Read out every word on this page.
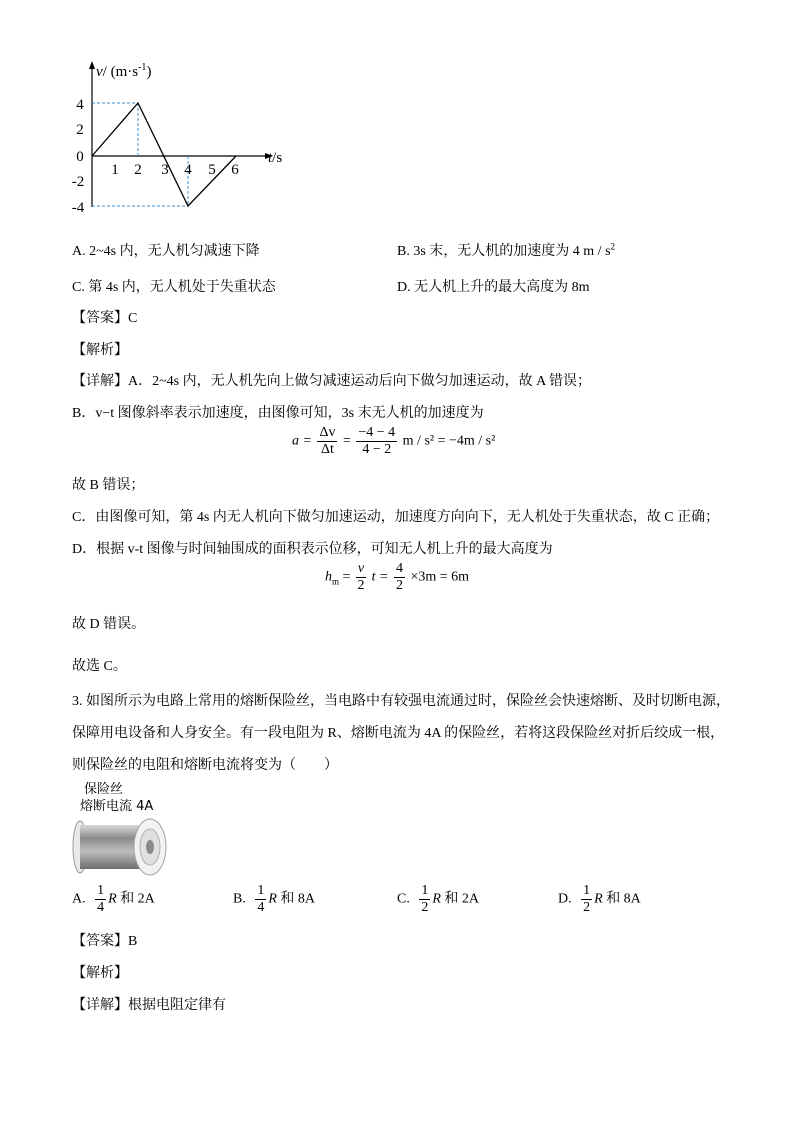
4
2
0
-2
-4
1 2 3 4 5 6
t/s
v/ $(m\cdot s^{-1})$
A. 2~4s 内，无人机匀减速下降	B. 3s 末，无人机的加速度为 4 m / $s^2$
C. 第 4s 内，无人机处于失重状态	D. 无人机上升的最大高度为 8m
【答案】C
【解析】
【详解】A．2~4s 内，无人机先向上做匀减速运动后向下做匀加速运动，故 A 错误；
B．v−t 图像斜率表示加速度，由图像可知，3s 末无人机的加速度为
$a = \frac{\Delta v}{\Delta t} = \frac{-4 - 4}{4 - 2}$ m / s² = −4m / s²
故 B 错误；
C．由图像可知，第 4s 内无人机向下做匀加速运动，加速度方向向下，无人机处于失重状态，故 C 正确；
D．根据 v-t 图像与时间轴围成的面积表示位移，可知无人机上升的最大高度为
$h_m = \frac{v}{2}$ $t = \frac{4}{2} \times 3m = 6m$
故 D 错误。
故选 C。
3. 如图所示为电路上常用的熔断保险丝，当电路中有较强电流通过时，保险丝会快速熔断、及时切断电源，
保障用电设备和人身安全。有一段电阻为 R、熔断电流为 4A 的保险丝，若将这段保险丝对折后绞成一根，
则保险丝的电阻和熔断电流将变为（　　）
保险丝
熔断电流 4A
A. $\frac{1}{4}$ R 和 2A	B. $\frac{1}{4}$ R 和 8A	C. $\frac{1}{2}$ R 和 2A	D. $\frac{1}{2}$ R 和 8A
【答案】B
【解析】
【详解】根据电阻定律有
